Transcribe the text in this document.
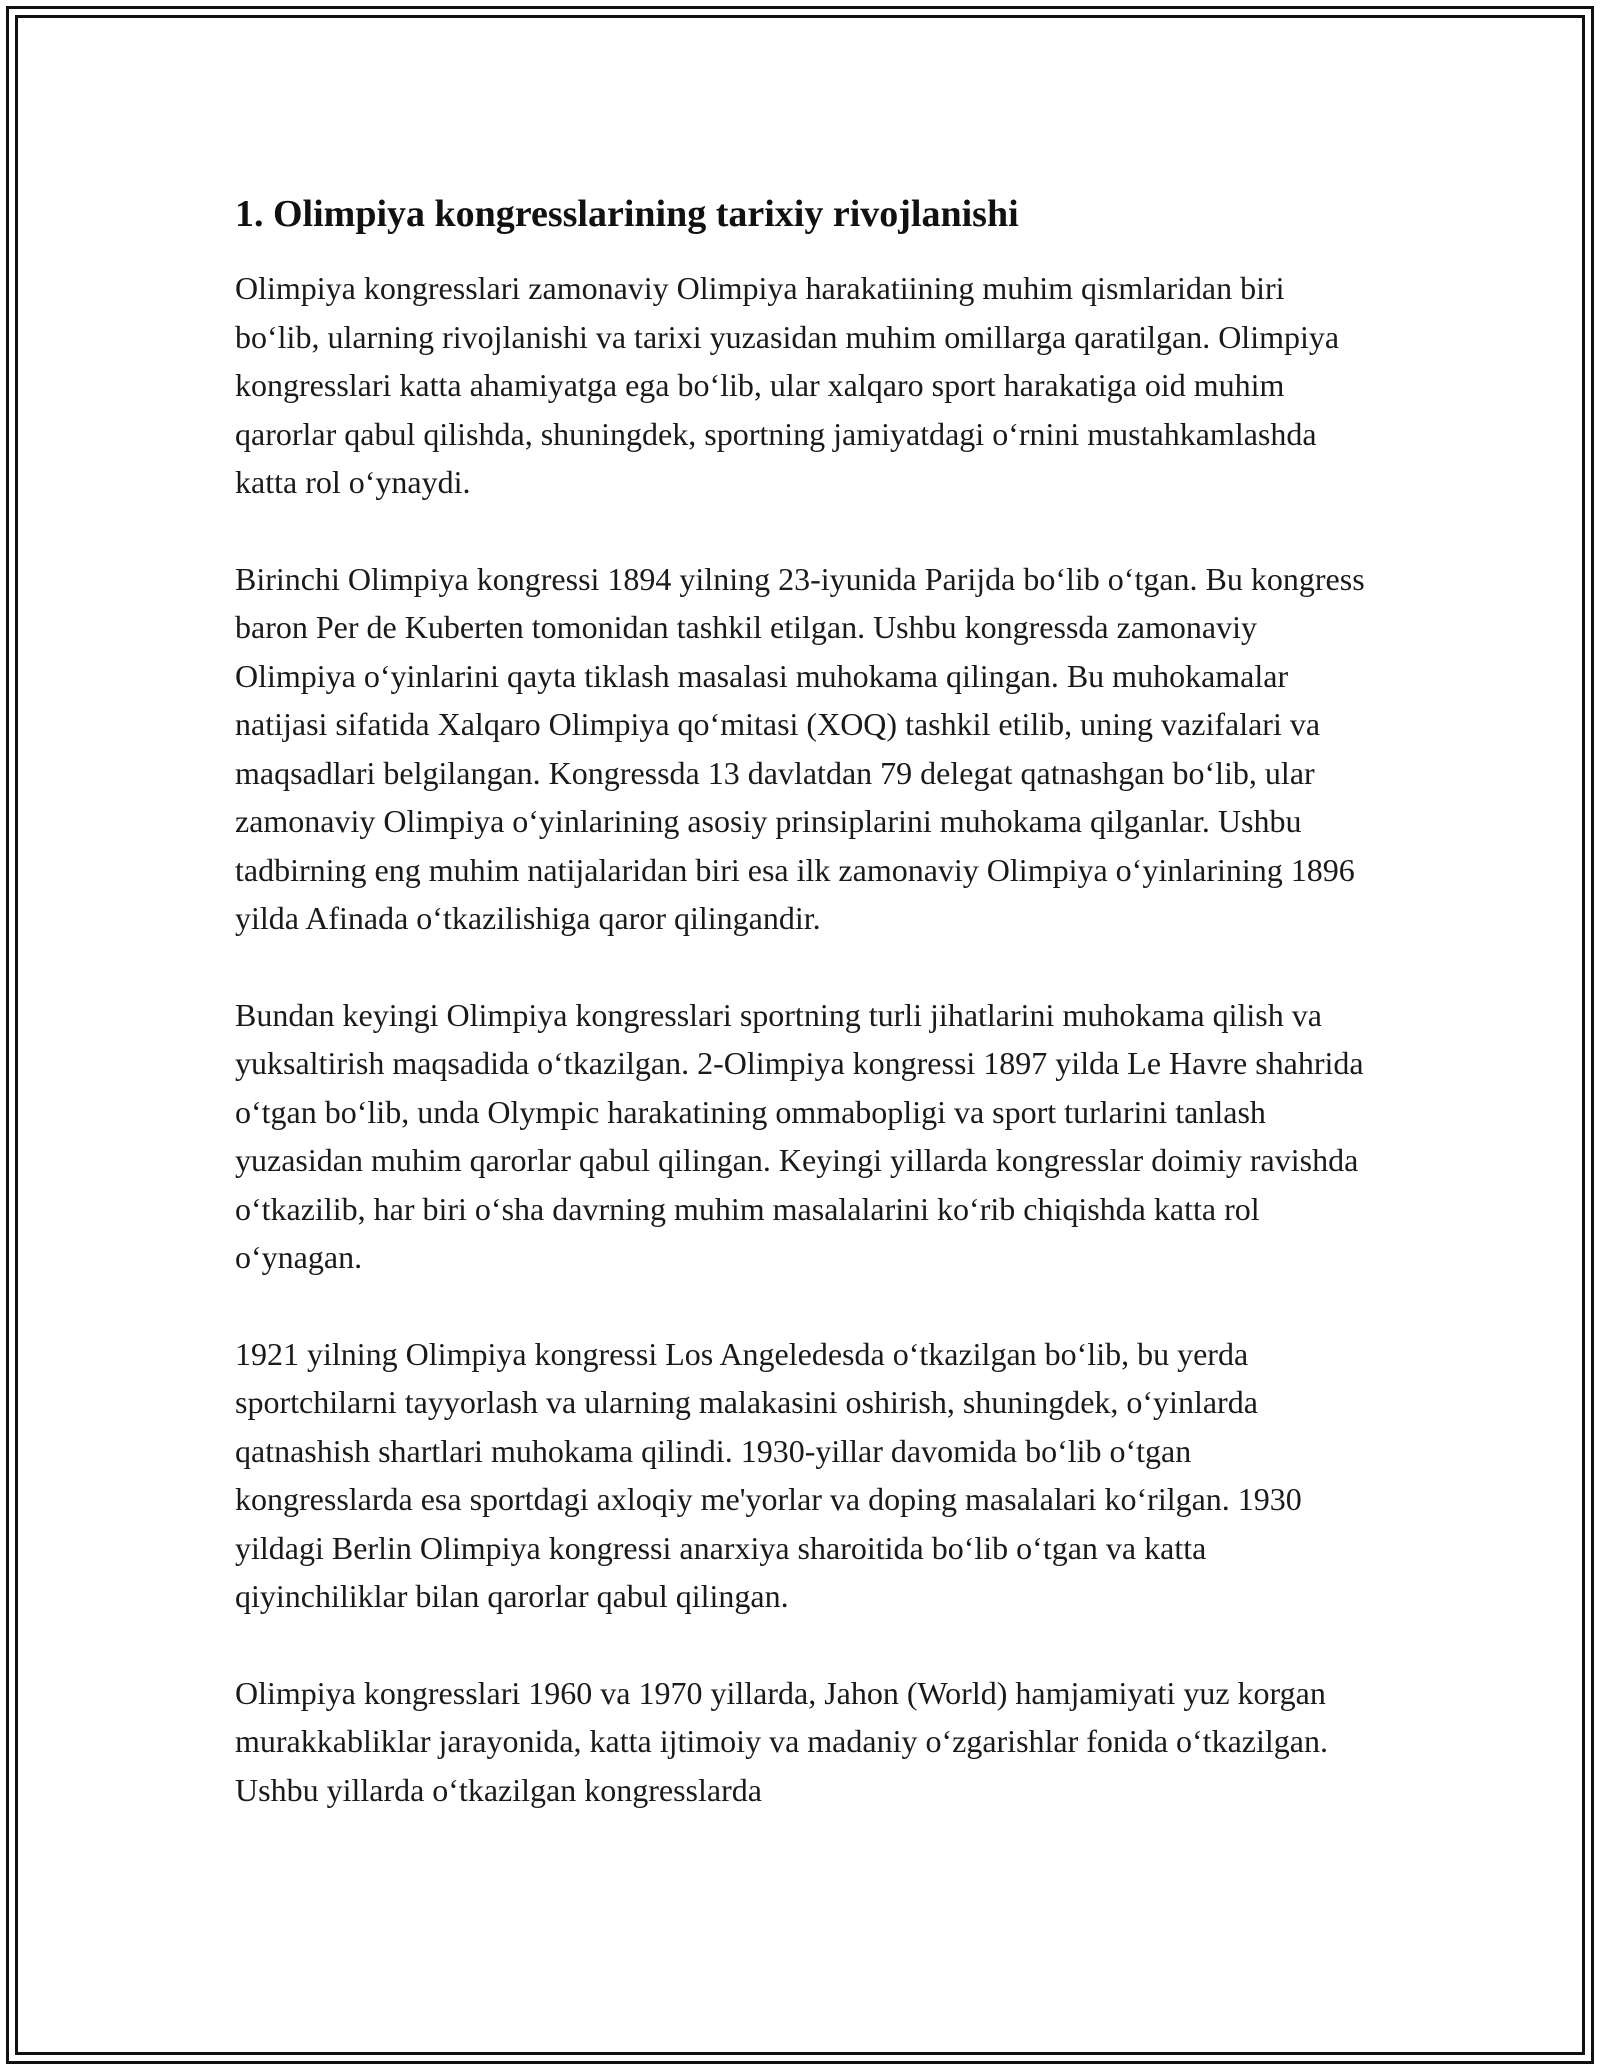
1. Olimpiya kongresslarining tarixiy rivojlanishi

Olimpiya kongresslari zamonaviy Olimpiya harakatiining muhim qismlaridan biri bo‘lib, ularning rivojlanishi va tarixi yuzasidan muhim omillarga qaratilgan. Olimpiya kongresslari katta ahamiyatga ega bo‘lib, ular xalqaro sport harakatiga oid muhim qarorlar qabul qilishda, shuningdek, sportning jamiyatdagi o‘rnini mustahkamlashda katta rol o‘ynaydi.

Birinchi Olimpiya kongressi 1894 yilning 23-iyunida Parijda bo‘lib o‘tgan. Bu kongress baron Per de Kuberten tomonidan tashkil etilgan. Ushbu kongressda zamonaviy Olimpiya o‘yinlarini qayta tiklash masalasi muhokama qilingan. Bu muhokamalar natijasi sifatida Xalqaro Olimpiya qo‘mitasi (XOQ) tashkil etilib, uning vazifalari va maqsadlari belgilangan. Kongressda 13 davlatdan 79 delegat qatnashgan bo‘lib, ular zamonaviy Olimpiya o‘yinlarining asosiy prinsiplarini muhokama qilganlar. Ushbu tadbirning eng muhim natijalaridan biri esa ilk zamonaviy Olimpiya o‘yinlarining 1896 yilda Afinada o‘tkazilishiga qaror qilingandir.

Bundan keyingi Olimpiya kongresslari sportning turli jihatlarini muhokama qilish va yuksaltirish maqsadida o‘tkazilgan. 2-Olimpiya kongressi 1897 yilda Le Havre shahrida o‘tgan bo‘lib, unda Olympic harakatining ommabopligi va sport turlarini tanlash yuzasidan muhim qarorlar qabul qilingan. Keyingi yillarda kongresslar doimiy ravishda o‘tkazilib, har biri o‘sha davrning muhim masalalarini ko‘rib chiqishda katta rol o‘ynagan.

1921 yilning Olimpiya kongressi Los Angeledesda o‘tkazilgan bo‘lib, bu yerda sportchilarni tayyorlash va ularning malakasini oshirish, shuningdek, o‘yinlarda qatnashish shartlari muhokama qilindi. 1930-yillar davomida bo‘lib o‘tgan kongresslarda esa sportdagi axloqiy me'yorlar va doping masalalari ko‘rilgan. 1930 yildagi Berlin Olimpiya kongressi anarxiya sharoitida bo‘lib o‘tgan va katta qiyinchiliklar bilan qarorlar qabul qilingan.

Olimpiya kongresslari 1960 va 1970 yillarda, Jahon (World) hamjamiyati yuz korgan murakkabliklar jarayonida, katta ijtimoiy va madaniy o‘zgarishlar fonida o‘tkazilgan. Ushbu yillarda o‘tkazilgan kongresslarda
